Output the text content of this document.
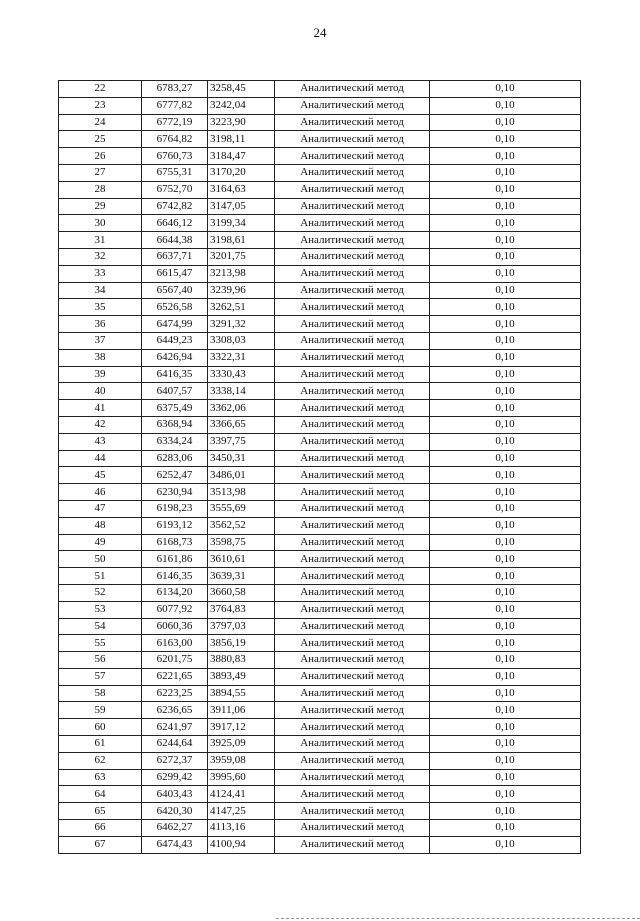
24
22	6783,27	3258,45	Аналитический метод	0,10
23	6777,82	3242,04	Аналитический метод	0,10
24	6772,19	3223,90	Аналитический метод	0,10
25	6764,82	3198,11	Аналитический метод	0,10
26	6760,73	3184,47	Аналитический метод	0,10
27	6755,31	3170,20	Аналитический метод	0,10
28	6752,70	3164,63	Аналитический метод	0,10
29	6742,82	3147,05	Аналитический метод	0,10
30	6646,12	3199,34	Аналитический метод	0,10
31	6644,38	3198,61	Аналитический метод	0,10
32	6637,71	3201,75	Аналитический метод	0,10
33	6615,47	3213,98	Аналитический метод	0,10
34	6567,40	3239,96	Аналитический метод	0,10
35	6526,58	3262,51	Аналитический метод	0,10
36	6474,99	3291,32	Аналитический метод	0,10
37	6449,23	3308,03	Аналитический метод	0,10
38	6426,94	3322,31	Аналитический метод	0,10
39	6416,35	3330,43	Аналитический метод	0,10
40	6407,57	3338,14	Аналитический метод	0,10
41	6375,49	3362,06	Аналитический метод	0,10
42	6368,94	3366,65	Аналитический метод	0,10
43	6334,24	3397,75	Аналитический метод	0,10
44	6283,06	3450,31	Аналитический метод	0,10
45	6252,47	3486,01	Аналитический метод	0,10
46	6230,94	3513,98	Аналитический метод	0,10
47	6198,23	3555,69	Аналитический метод	0,10
48	6193,12	3562,52	Аналитический метод	0,10
49	6168,73	3598,75	Аналитический метод	0,10
50	6161,86	3610,61	Аналитический метод	0,10
51	6146,35	3639,31	Аналитический метод	0,10
52	6134,20	3660,58	Аналитический метод	0,10
53	6077,92	3764,83	Аналитический метод	0,10
54	6060,36	3797,03	Аналитический метод	0,10
55	6163,00	3856,19	Аналитический метод	0,10
56	6201,75	3880,83	Аналитический метод	0,10
57	6221,65	3893,49	Аналитический метод	0,10
58	6223,25	3894,55	Аналитический метод	0,10
59	6236,65	3911,06	Аналитический метод	0,10
60	6241,97	3917,12	Аналитический метод	0,10
61	6244,64	3925,09	Аналитический метод	0,10
62	6272,37	3959,08	Аналитический метод	0,10
63	6299,42	3995,60	Аналитический метод	0,10
64	6403,43	4124,41	Аналитический метод	0,10
65	6420,30	4147,25	Аналитический метод	0,10
66	6462,27	4113,16	Аналитический метод	0,10
67	6474,43	4100,94	Аналитический метод	0,10
